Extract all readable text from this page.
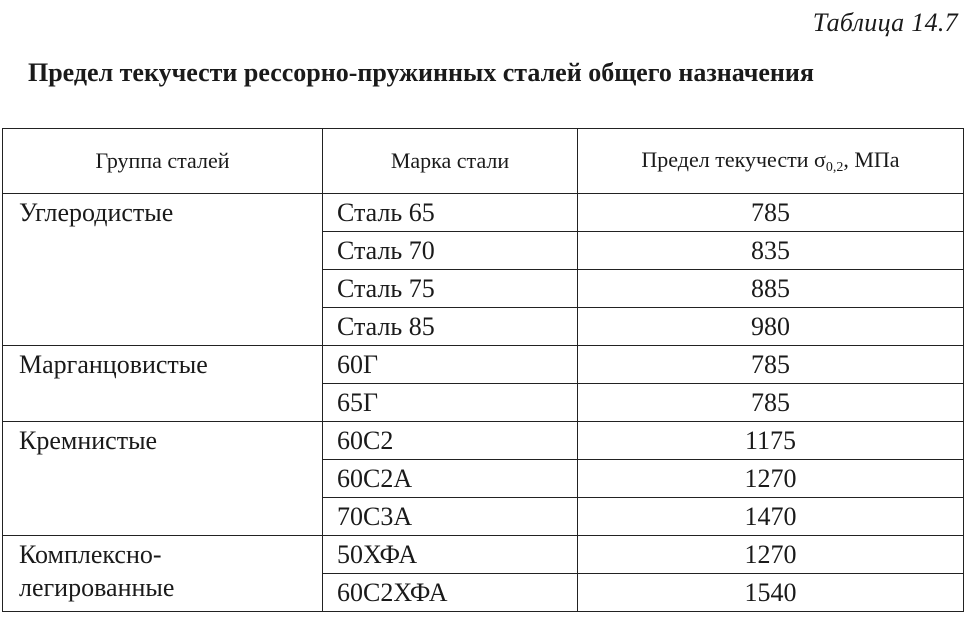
Таблица 14.7
Предел текучести рессорно-пружинных сталей общего назначения
Группа сталей	Марка стали	Предел текучести $\sigma_{0,2}$, МПа
Углеродистые	Сталь 65	785
	Сталь 70	835
	Сталь 75	885
	Сталь 85	980
Марганцовистые	60Г	785
	65Г	785
Кремнистые	60С2	1175
	60С2А	1270
	70С3А	1470
Комплексно-
легированные	50ХФА	1270
	60С2ХФА	1540
